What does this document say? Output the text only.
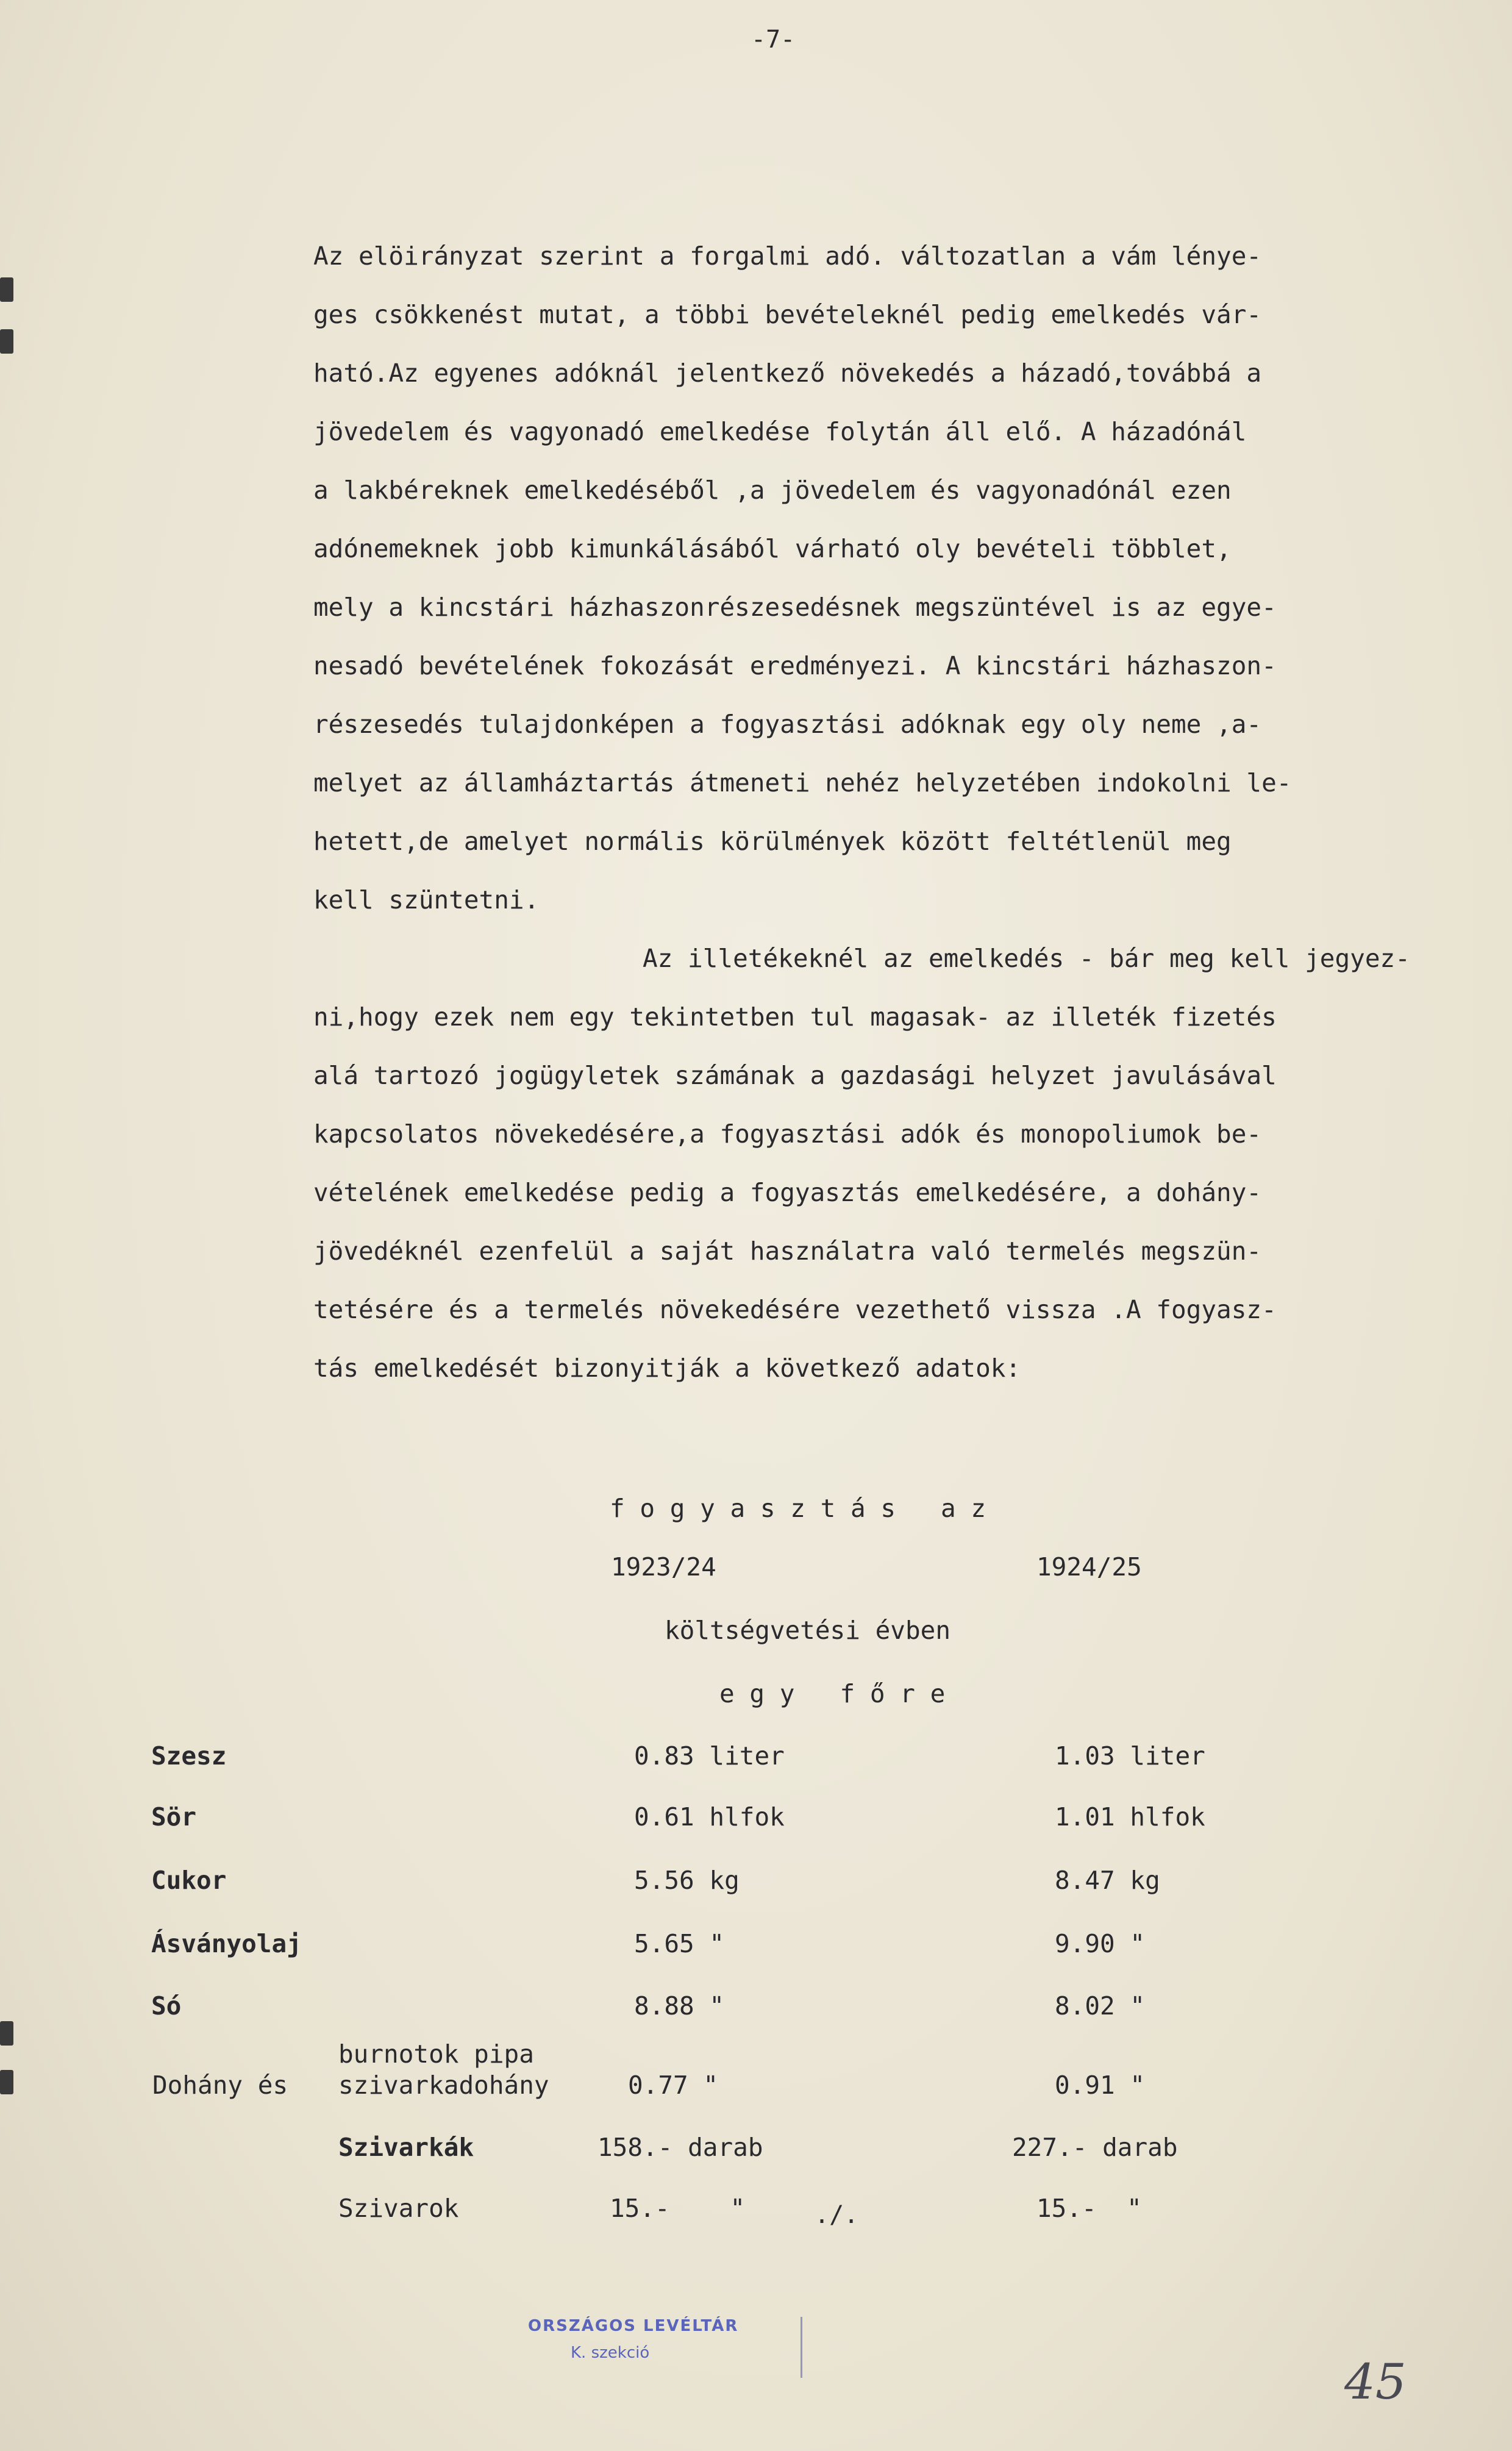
-7-
Az elöirányzat szerint a forgalmi adó. változatlan a vám lénye-
ges csökkenést mutat, a többi bevételeknél pedig emelkedés vár-
ható.Az egyenes adóknál jelentkező növekedés a házadó,továbbá a
jövedelem és vagyonadó emelkedése folytán áll elő. A házadónál
a lakbéreknek emelkedéséből ,a jövedelem és vagyonadónál ezen
adónemeknek jobb kimunkálásából várható oly bevételi többlet,
mely a kincstári házhaszonrészesedésnek megszüntével is az egye-
nesadó bevételének fokozását eredményezi. A kincstári házhaszon-
részesedés tulajdonképen a fogyasztási adóknak egy oly neme ,a-
melyet az államháztartás átmeneti nehéz helyzetében indokolni le-
hetett,de amelyet normális körülmények között feltétlenül meg
kell szüntetni.
Az illetékeknél az emelkedés - bár meg kell jegyez-
ni,hogy ezek nem egy tekintetben tul magasak- az illeték fizetés
alá tartozó jogügyletek számának a gazdasági helyzet javulásával
kapcsolatos növekedésére,a fogyasztási adók és monopoliumok be-
vételének emelkedése pedig a fogyasztás emelkedésére, a dohány-
jövedéknél ezenfelül a saját használatra való termelés megszün-
tetésére és a termelés növekedésére vezethető vissza .A fogyasz-
tás emelkedését bizonyitják a következő adatok:
f o g y a s z t á s   a z
1923/24	1924/25
költségvetési évben
e g y   f ő r e
Szesz	0.83 liter	1.03 liter
Sör	0.61 hlfok	1.01 hlfok
Cukor	5.56 kg	8.47 kg
Ásványolaj	5.65 "	9.90 "
Só	8.88 "	8.02 "
burnotok pipa
Dohány és szivarkadohány	0.77 "	0.91 "
Szivarkák	158.- darab	227.- darab
Szivarok	15.-    "	15.-  "
./.
ORSZÁGOS LEVÉLTÁR
K. szekció
45
